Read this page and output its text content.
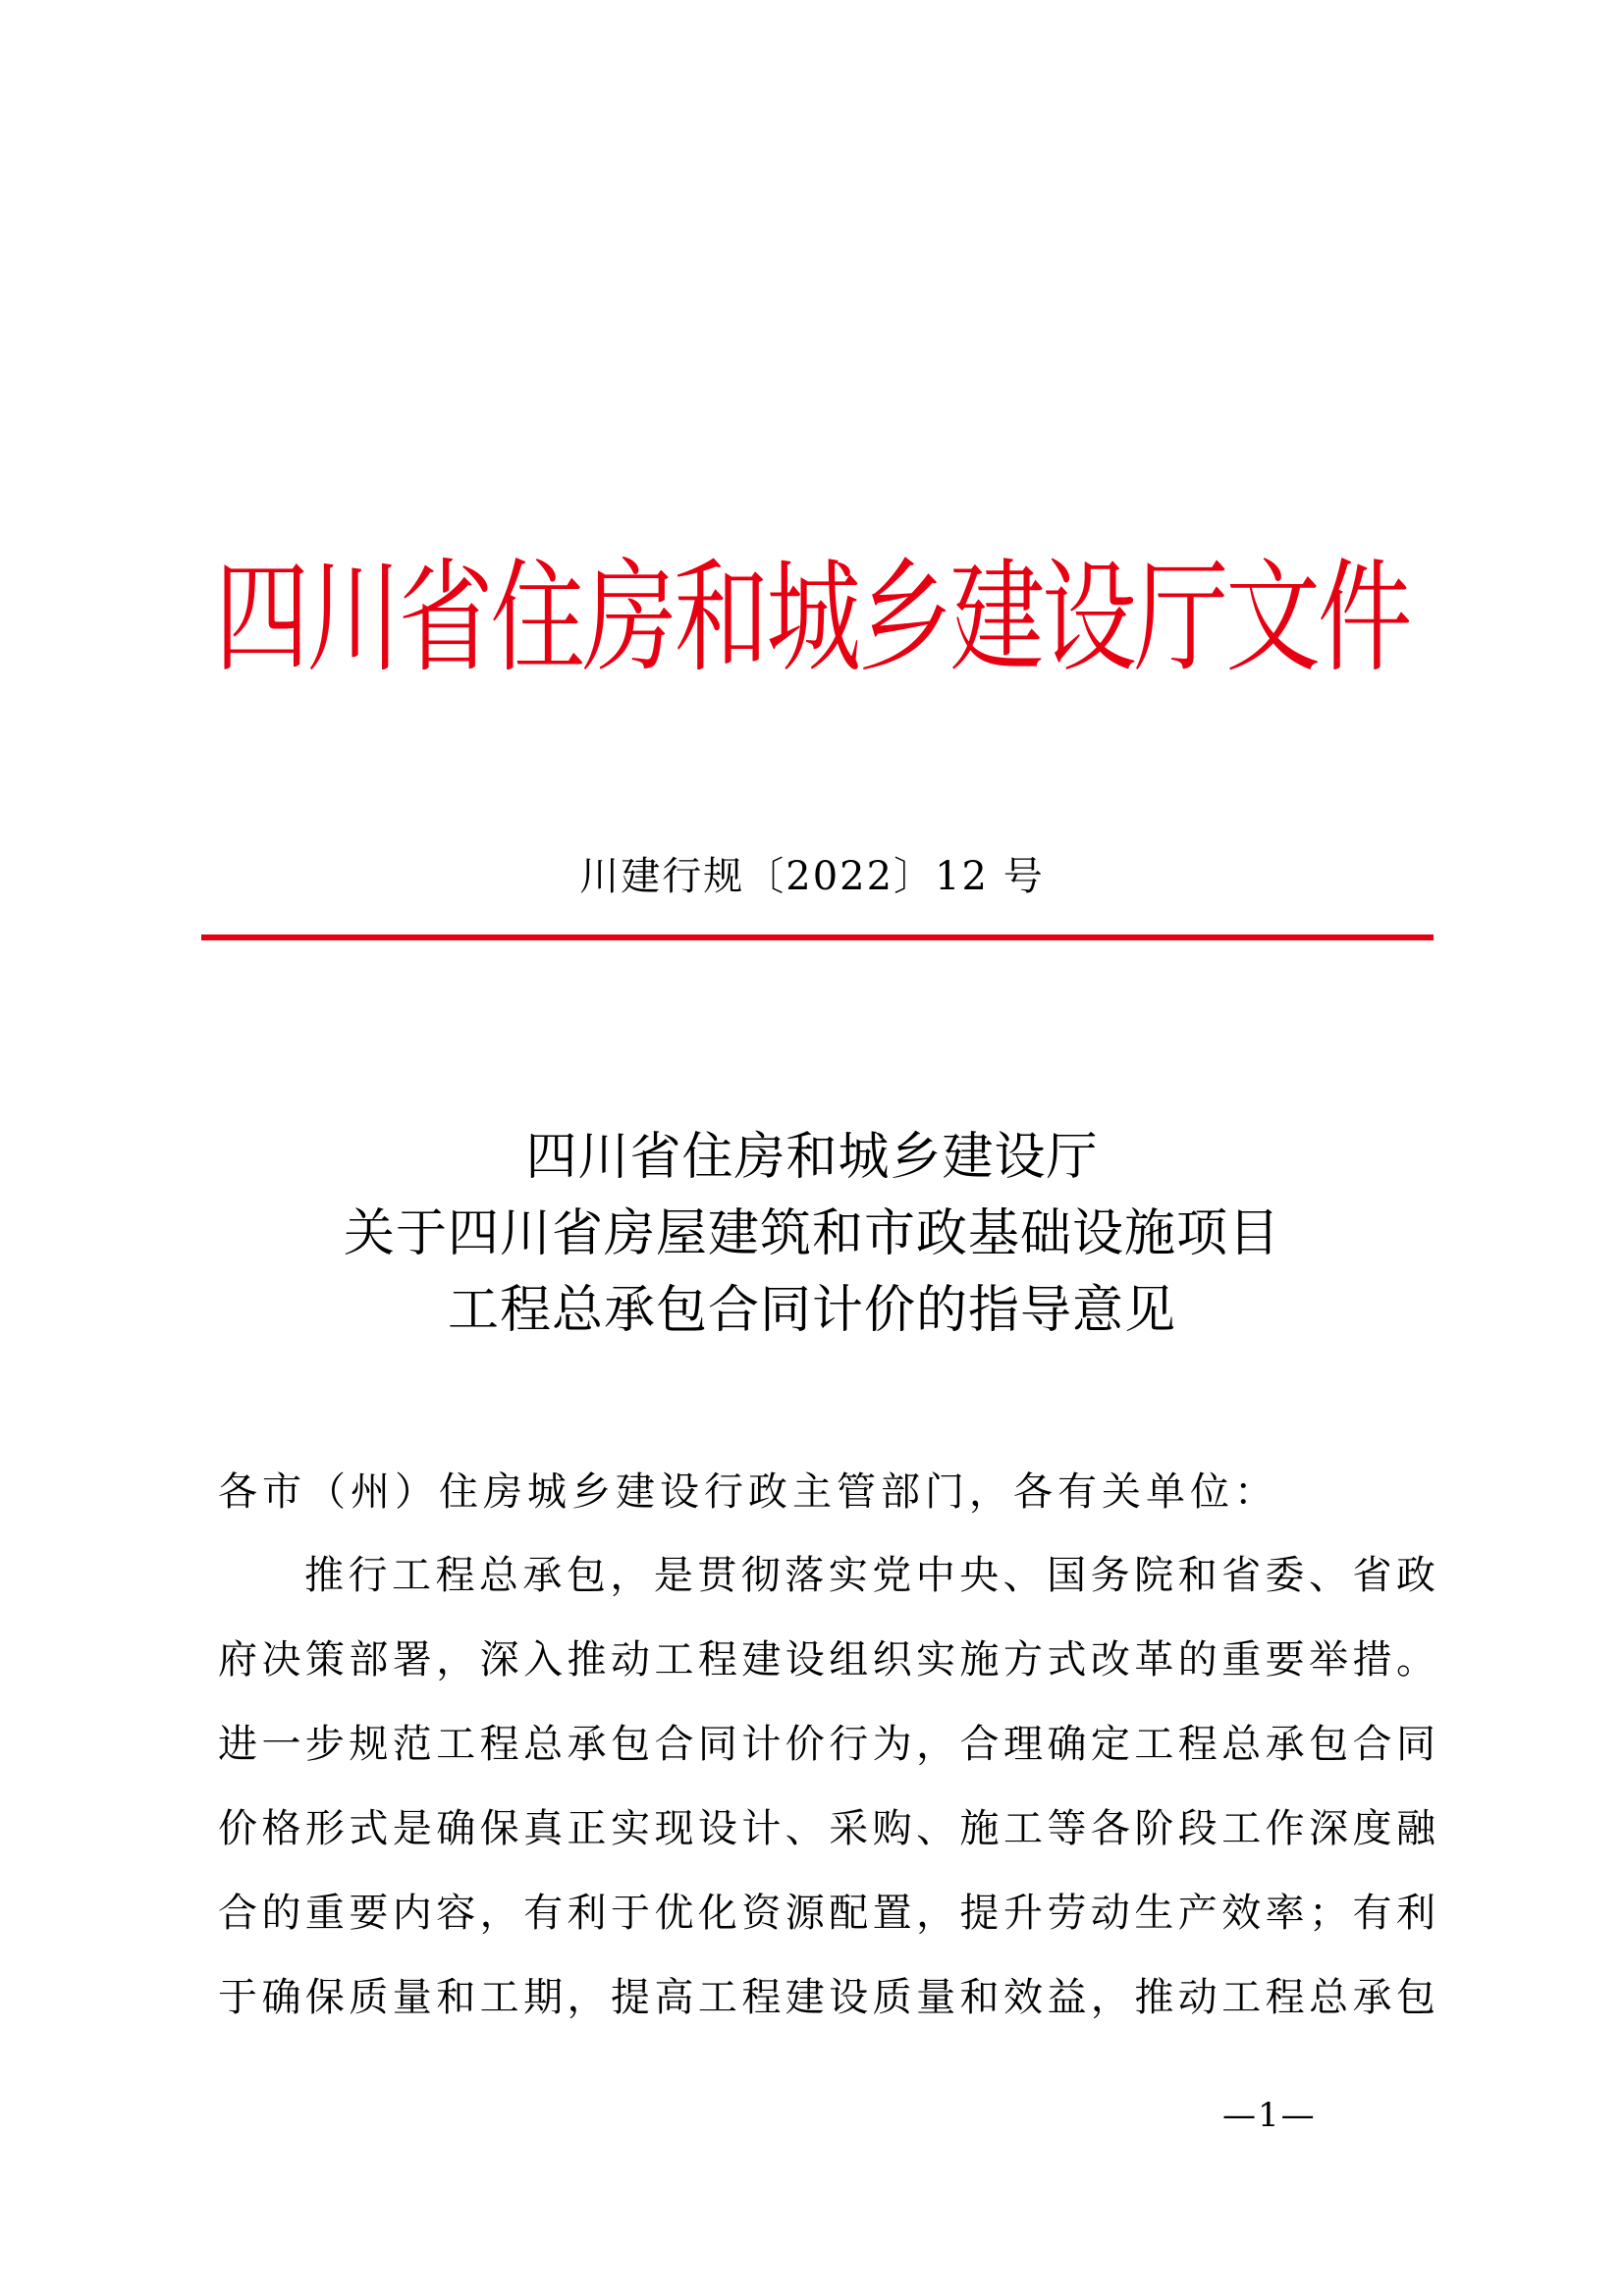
四川省住房和城乡建设厅文件
川建行规〔2022〕12 号
四川省住房和城乡建设厅
关于四川省房屋建筑和市政基础设施项目
工程总承包合同计价的指导意见
各市（州）住房城乡建设行政主管部门，各有关单位：
推行工程总承包，是贯彻落实党中央、国务院和省委、省政
府决策部署，深入推动工程建设组织实施方式改革的重要举措。
进一步规范工程总承包合同计价行为，合理确定工程总承包合同
价格形式是确保真正实现设计、采购、施工等各阶段工作深度融
合的重要内容，有利于优化资源配置，提升劳动生产效率；有利
于确保质量和工期，提高工程建设质量和效益，推动工程总承包
—1—
